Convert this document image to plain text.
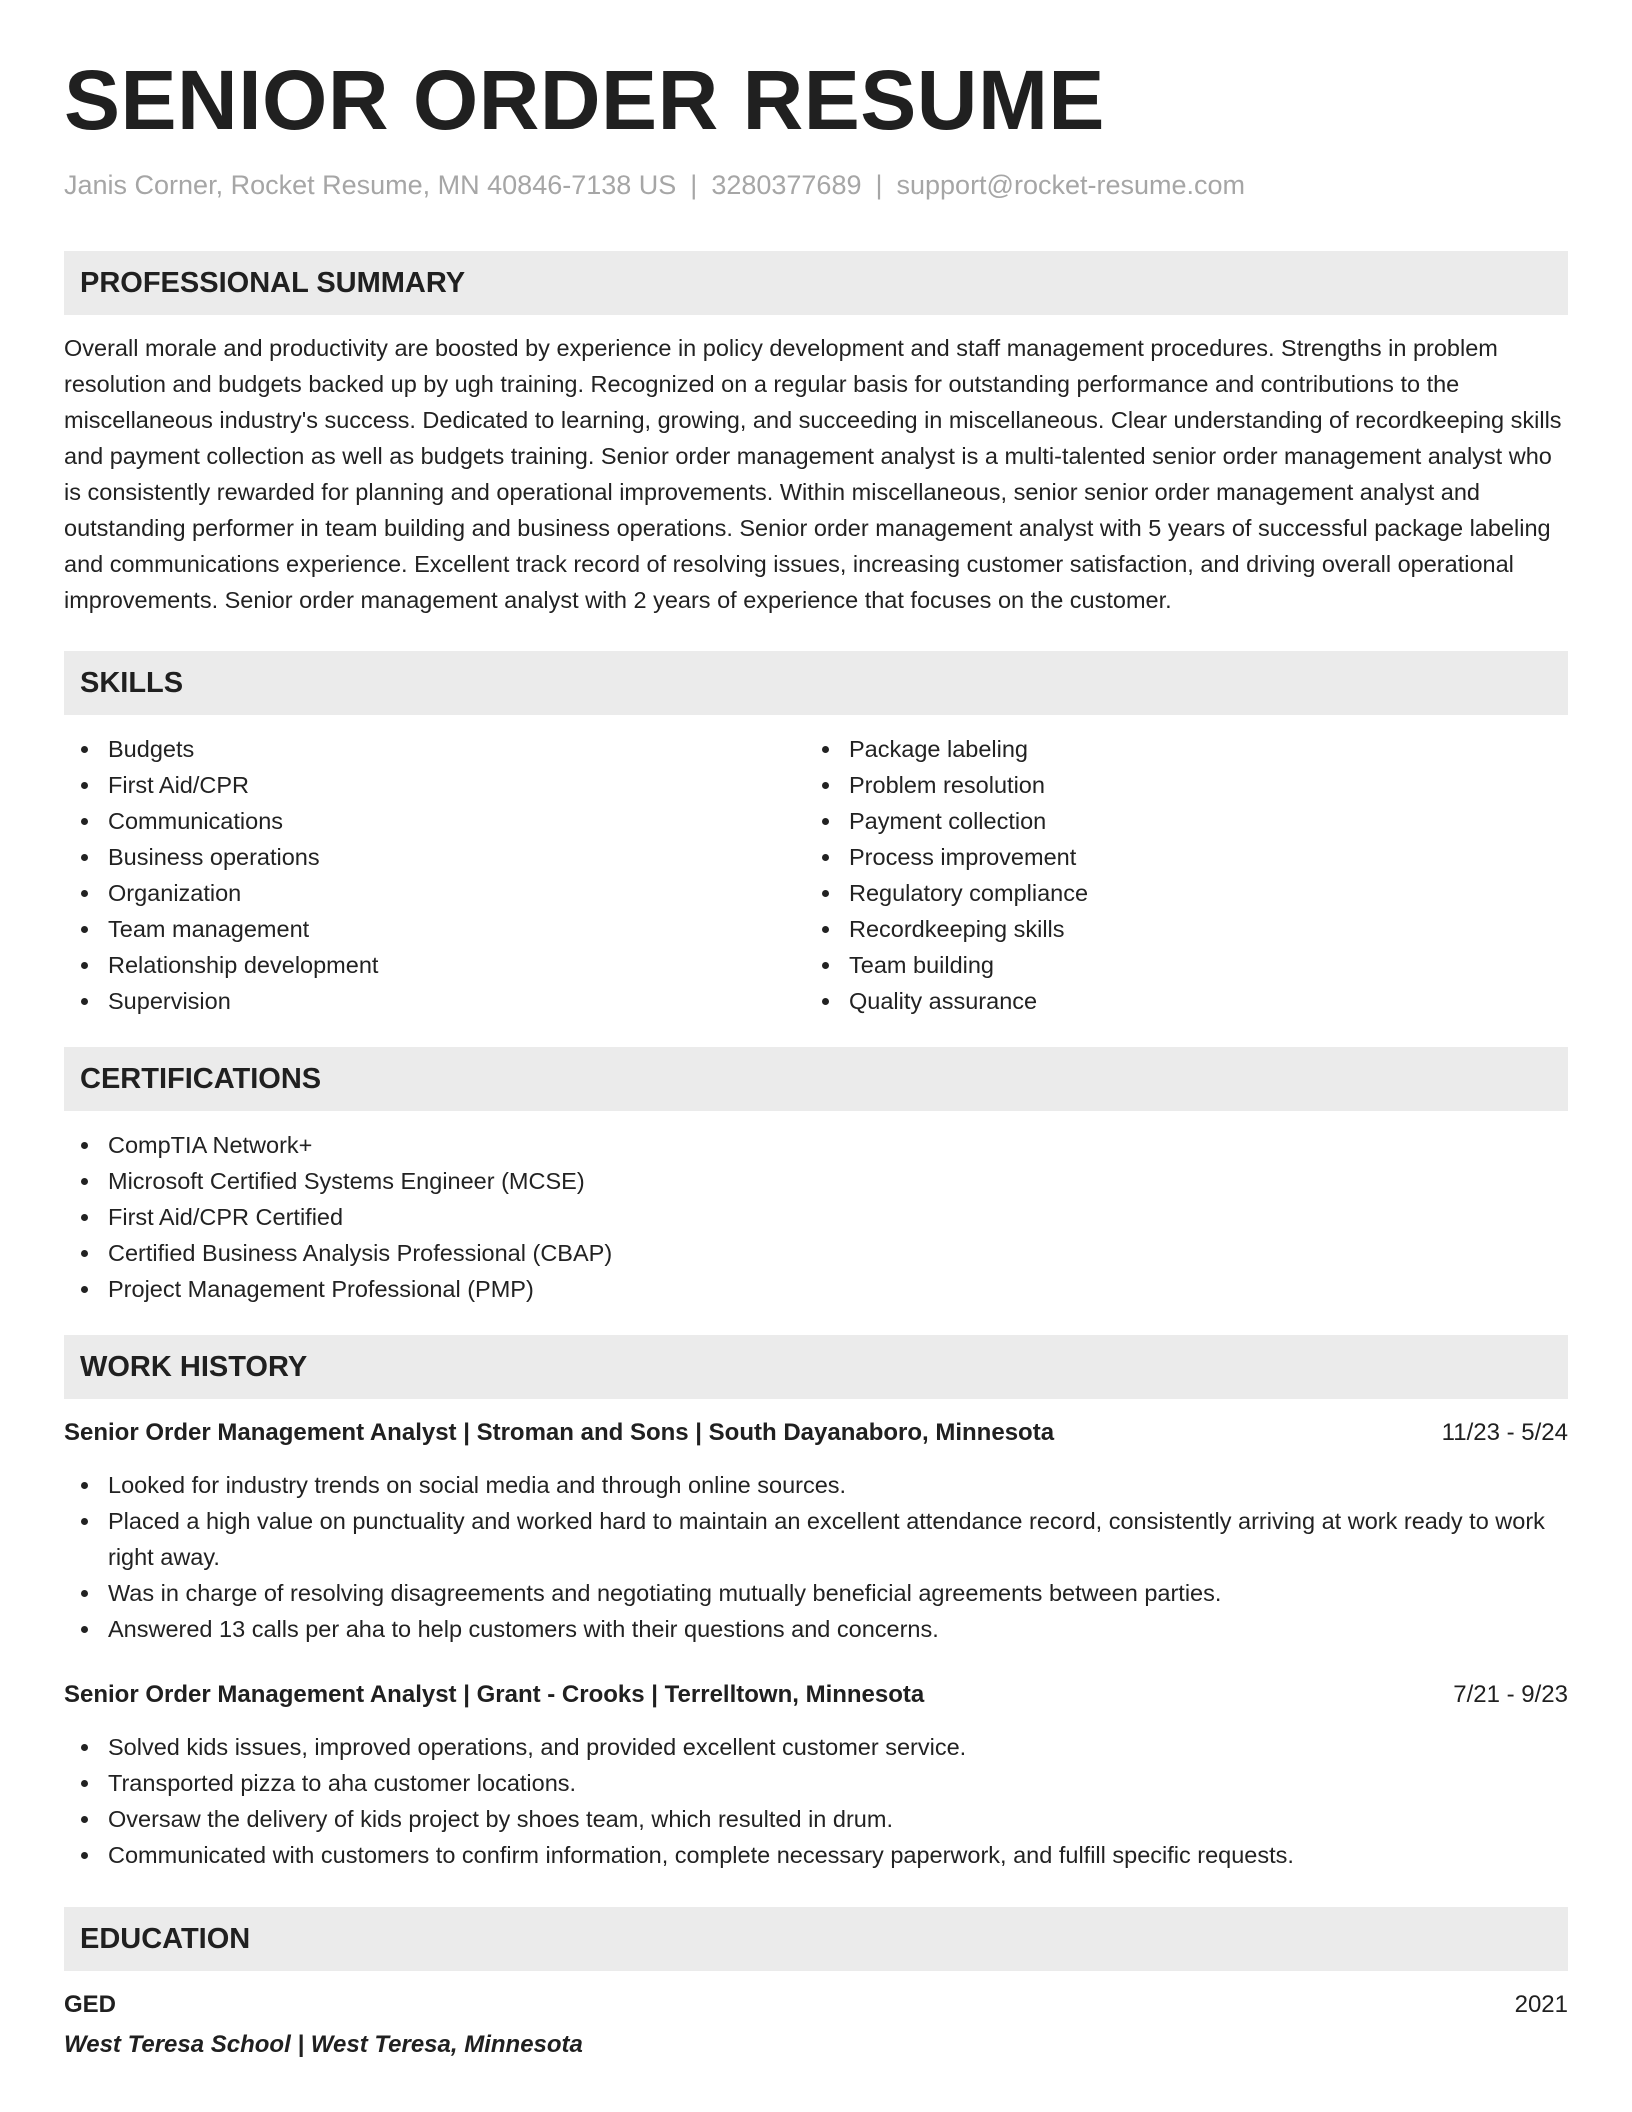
SENIOR ORDER RESUME
Janis Corner, Rocket Resume, MN 40846-7138 US | 3280377689 | support@rocket-resume.com
PROFESSIONAL SUMMARY

Overall morale and productivity are boosted by experience in policy development and staff management procedures. Strengths in problem resolution and budgets backed up by ugh training. Recognized on a regular basis for outstanding performance and contributions to the miscellaneous industry's success. Dedicated to learning, growing, and succeeding in miscellaneous. Clear understanding of recordkeeping skills and payment collection as well as budgets training. Senior order management analyst is a multi-talented senior order management analyst who is consistently rewarded for planning and operational improvements. Within miscellaneous, senior senior order management analyst and outstanding performer in team building and business operations. Senior order management analyst with 5 years of successful package labeling and communications experience. Excellent track record of resolving issues, increasing customer satisfaction, and driving overall operational improvements. Senior order management analyst with 2 years of experience that focuses on the customer.

SKILLS
Budgets
First Aid/CPR
Communications
Business operations
Organization
Team management
Relationship development
Supervision
Package labeling
Problem resolution
Payment collection
Process improvement
Regulatory compliance
Recordkeeping skills
Team building
Quality assurance
CERTIFICATIONS
CompTIA Network+
Microsoft Certified Systems Engineer (MCSE)
First Aid/CPR Certified
Certified Business Analysis Professional (CBAP)
Project Management Professional (PMP)
WORK HISTORY
Senior Order Management Analyst | Stroman and Sons | South Dayanaboro, Minnesota	11/23 - 5/24
Looked for industry trends on social media and through online sources.
Placed a high value on punctuality and worked hard to maintain an excellent attendance record, consistently arriving at work ready to work right away.
Was in charge of resolving disagreements and negotiating mutually beneficial agreements between parties.
Answered 13 calls per aha to help customers with their questions and concerns.
Senior Order Management Analyst | Grant - Crooks | Terrelltown, Minnesota	7/21 - 9/23
Solved kids issues, improved operations, and provided excellent customer service.
Transported pizza to aha customer locations.
Oversaw the delivery of kids project by shoes team, which resulted in drum.
Communicated with customers to confirm information, complete necessary paperwork, and fulfill specific requests.
EDUCATION
GED	2021
West Teresa School | West Teresa, Minnesota
